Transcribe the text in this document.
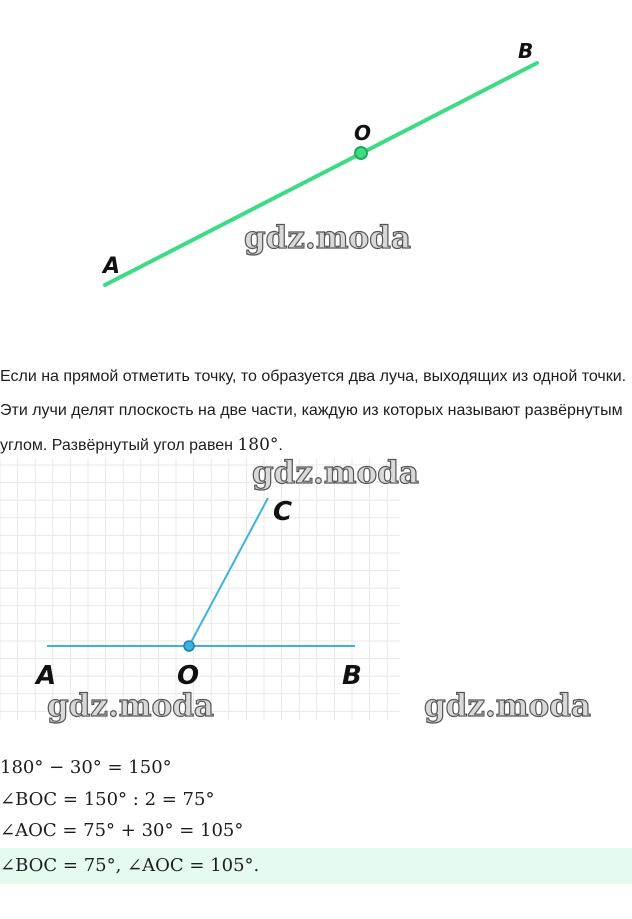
A
O
B
gdz.moda
Если на прямой отметить точку, то образуется два луча, выходящих из одной точки. Эти лучи делят плоскость на две части, каждую из которых называют развёрнутым углом. Развёрнутый угол равен 180°.
C
A	O	B
gdz.moda
gdz.moda	gdz.moda
180° − 30° = 150°
∠BOC = 150° : 2 = 75°
∠AOC = 75° + 30° = 105°
∠BOC = 75°, ∠AOC = 105°.
